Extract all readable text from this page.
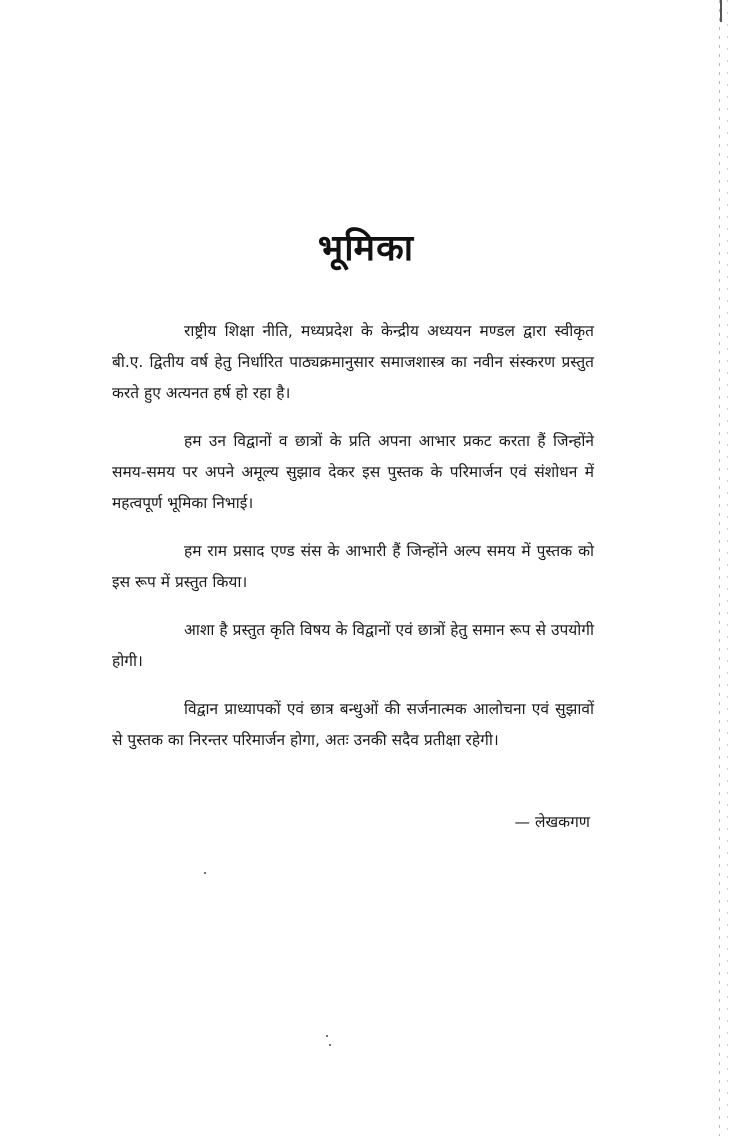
भूमिका

राष्ट्रीय शिक्षा नीति, मध्यप्रदेश के केन्द्रीय अध्ययन मण्डल द्वारा स्वीकृत बी.ए. द्वितीय वर्ष हेतु निर्धारित पाठ्यक्रमानुसार समाजशास्त्र का नवीन संस्करण प्रस्तुत करते हुए अत्यनत हर्ष हो रहा है।

हम उन विद्वानों व छात्रों के प्रति अपना आभार प्रकट करता हैं जिन्होंने समय-समय पर अपने अमूल्य सुझाव देकर इस पुस्तक के परिमार्जन एवं संशोधन में महत्वपूर्ण भूमिका निभाई।

हम राम प्रसाद एण्ड संस के आभारी हैं जिन्होंने अल्प समय में पुस्तक को इस रूप में प्रस्तुत किया।

आशा है प्रस्तुत कृति विषय के विद्वानों एवं छात्रों हेतु समान रूप से उपयोगी होगी।

विद्वान प्राध्यापकों एवं छात्र बन्धुओं की सर्जनात्मक आलोचना एवं सुझावों से पुस्तक का निरन्तर परिमार्जन होगा, अतः उनकी सदैव प्रतीक्षा रहेगी।

— लेखकगण
